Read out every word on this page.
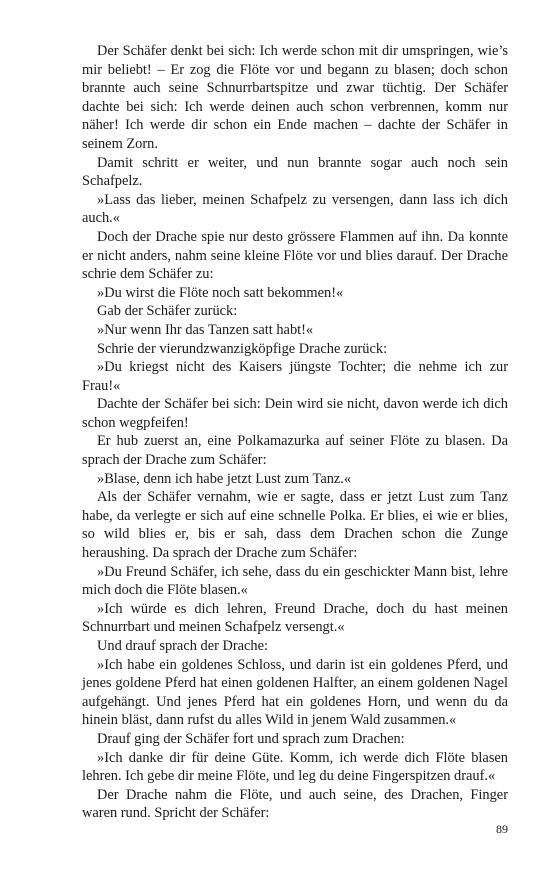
Der Schäfer denkt bei sich: Ich werde schon mit dir umspringen, wie’s mir beliebt! – Er zog die Flöte vor und begann zu blasen; doch schon brannte auch seine Schnurrbartspitze und zwar tüchtig. Der Schäfer dachte bei sich: Ich werde deinen auch schon verbrennen, komm nur näher! Ich werde dir schon ein Ende machen – dachte der Schäfer in seinem Zorn.

Damit schritt er weiter, und nun brannte sogar auch noch sein Schafpelz.

»Lass das lieber, meinen Schafpelz zu versengen, dann lass ich dich auch.«

Doch der Drache spie nur desto grössere Flammen auf ihn. Da konnte er nicht anders, nahm seine kleine Flöte vor und blies darauf. Der Drache schrie dem Schäfer zu:

»Du wirst die Flöte noch satt bekommen!«

Gab der Schäfer zurück:

»Nur wenn Ihr das Tanzen satt habt!«

Schrie der vierundzwanzigköpfige Drache zurück:

»Du kriegst nicht des Kaisers jüngste Tochter; die nehme ich zur Frau!«

Dachte der Schäfer bei sich: Dein wird sie nicht, davon werde ich dich schon wegpfeifen!

Er hub zuerst an, eine Polkamazurka auf seiner Flöte zu blasen. Da sprach der Drache zum Schäfer:

»Blase, denn ich habe jetzt Lust zum Tanz.«

Als der Schäfer vernahm, wie er sagte, dass er jetzt Lust zum Tanz habe, da verlegte er sich auf eine schnelle Polka. Er blies, ei wie er blies, so wild blies er, bis er sah, dass dem Drachen schon die Zunge heraushing. Da sprach der Drache zum Schäfer:

»Du Freund Schäfer, ich sehe, dass du ein geschickter Mann bist, lehre mich doch die Flöte blasen.«

»Ich würde es dich lehren, Freund Drache, doch du hast meinen Schnurrbart und meinen Schafpelz versengt.«

Und drauf sprach der Drache:

»Ich habe ein goldenes Schloss, und darin ist ein goldenes Pferd, und jenes goldene Pferd hat einen goldenen Halfter, an einem goldenen Nagel aufgehängt. Und jenes Pferd hat ein goldenes Horn, und wenn du da hinein bläst, dann rufst du alles Wild in jenem Wald zusammen.«

Drauf ging der Schäfer fort und sprach zum Drachen:

»Ich danke dir für deine Güte. Komm, ich werde dich Flöte blasen lehren. Ich gebe dir meine Flöte, und leg du deine Fingerspitzen drauf.«

Der Drache nahm die Flöte, und auch seine, des Drachen, Finger waren rund. Spricht der Schäfer:

89
